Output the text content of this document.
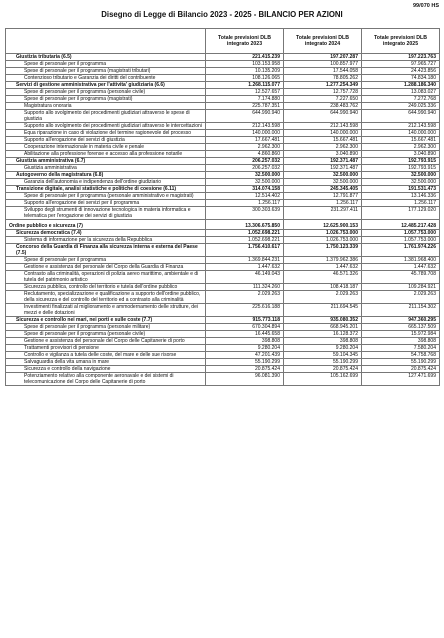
99/070 HS
Disegno di Legge di Bilancio 2023 - 2025 - BILANCIO PER AZIONI
	Totale previsioni DLB integrato 2023	Totale previsioni DLB integrato 2024	Totale previsioni DLB integrato 2025
Giustizia tributaria (6.5)	221.415.239	197.207.287	197.223.763
Spese di personale per il programma	103.153.958	100.857.977	97.965.727
Spese di personale per il programma (magistrati tributari)	10.135.209	17.544.058	24.423.856
Contenzioso tributario e Garanzia dei diritti del contribuente	108.126.065	78.805.262	74.834.180
Servizi di gestione amministrativa per l'attivita' giudiziaria (6.6)	1.268.115.077	1.277.254.349	1.288.186.340
Spese di personale per il programma (personale civile)	12.527.657	12.757.728	13.083.027
Spese di personale per il programma (magistrati)	7.174.880	7.227.650	7.272.768
Magistratura onoraria	225.787.351	238.483.762	249.025.336
Supporto allo svolgimento dei procedimenti giudiziari attraverso le spese di giustizia	644.990.940	644.990.940	644.990.940
Supporto allo svolgimento dei procedimenti giudiziari attraverso le intercettazioni	212.143.598	212.143.598	212.143.598
Equa riparazione in caso di violazione del termine ragionevole del processo	140.000.000	140.000.000	140.000.000
Supporto all'erogazione dei servizi di giustizia	17.667.481	15.667.481	15.667.481
Cooperazione internazionale in materia civile e penale	2.962.300	2.962.300	2.962.300
Abilitazione alla professione forense e accesso alla professione notarile	4.860.860	3.040.890	3.040.890
Giustizia amministrativa (6.7)	206.257.032	192.371.487	192.793.915
Giustizia amministrativa	206.257.032	192.371.487	192.793.915
Autogoverno della magistratura (6.8)	32.500.000	32.500.000	32.500.000
Garanzia dell'autonomia e indipendenza dell'ordine giudiziario	32.500.000	32.500.000	32.500.000
Transizione digitale, analisi statistiche e politiche di coesione (6.11)	314.074.158	245.345.405	191.531.473
Spese di personale per il programma (personale amministrativo e magistrati)	12.514.402	12.791.877	13.146.336
Supporto all'erogazione dei servizi per il programma	1.256.117	1.256.117	1.256.117
Sviluppo degli strumenti di innovazione tecnologica in materia informatica e telematica per l'erogazione dei servizi di giustizia	300.303.639	231.297.411	177.129.020
Ordine pubblico e sicurezza (7)	13.306.675.850	12.625.900.153	12.485.217.428
Sicurezza democratica (7.4)	1.052.698.221	1.026.753.000	1.057.753.000
Sistema di informazione per la sicurezza della Repubblica	1.052.698.221	1.026.753.000	1.057.753.000
Concorso della Guardia di Finanza alla sicurezza interna e esterna del Paese (7.5)	1.756.410.617	1.750.123.339	1.761.974.226
Spese di personale per il programma	1.369.844.231	1.379.962.386	1.381.968.400
Gestione e assistenza del personale del Corpo della Guardia di Finanza	1.447.632	1.447.632	1.447.632
Contrasto alla criminalità, operazioni di polizia aereo marittimo, ambientale e di tutela del patrimonio artistico	46.149.043	46.571.326	45.789.708
Sicurezza pubblica, controllo del territorio e tutela dell'ordine pubblico	111.324.260	108.418.187	109.284.921
Reclutamento, specializzazione e qualificazione a supporto dell'ordine pubblico, della sicurezza e del controllo del territorio ed a contrasto alla criminalità	2.029.263	2.029.263	2.029.263
Investimenti finalizzati al miglioramento e ammodernamento delle strutture, dei mezzi e delle dotazioni	225.616.188	211.694.545	211.154.302
Sicurezza e controllo nei mari, nei porti e sulle coste (7.7)	915.773.118	935.080.352	947.360.295
Spese di personale per il programma (personale militare)	670.304.894	668.945.201	665.137.509
Spese di personale per il programma (personale civile)	16.445.658	16.128.372	15.972.984
Gestione e assistenza del personale del Corpo delle Capitanerie di porto	398.808	398.808	398.808
Trattamenti provvisori di pensione	9.280.204	9.280.204	7.580.204
Controllo e vigilanza a tutela delle coste, del mare e delle sue risorse	47.201.439	59.104.345	54.758.768
Salvaguardia della vita umana in mare	55.190.299	55.190.299	55.190.299
Sicurezza e controllo della navigazione	20.875.424	20.875.424	20.875.424
Potenziamento relativo alla componente aeronavale e dei sistemi di telecomunicazione del Corpo delle Capitanerie di porto	96.081.390	105.162.699	127.471.699
